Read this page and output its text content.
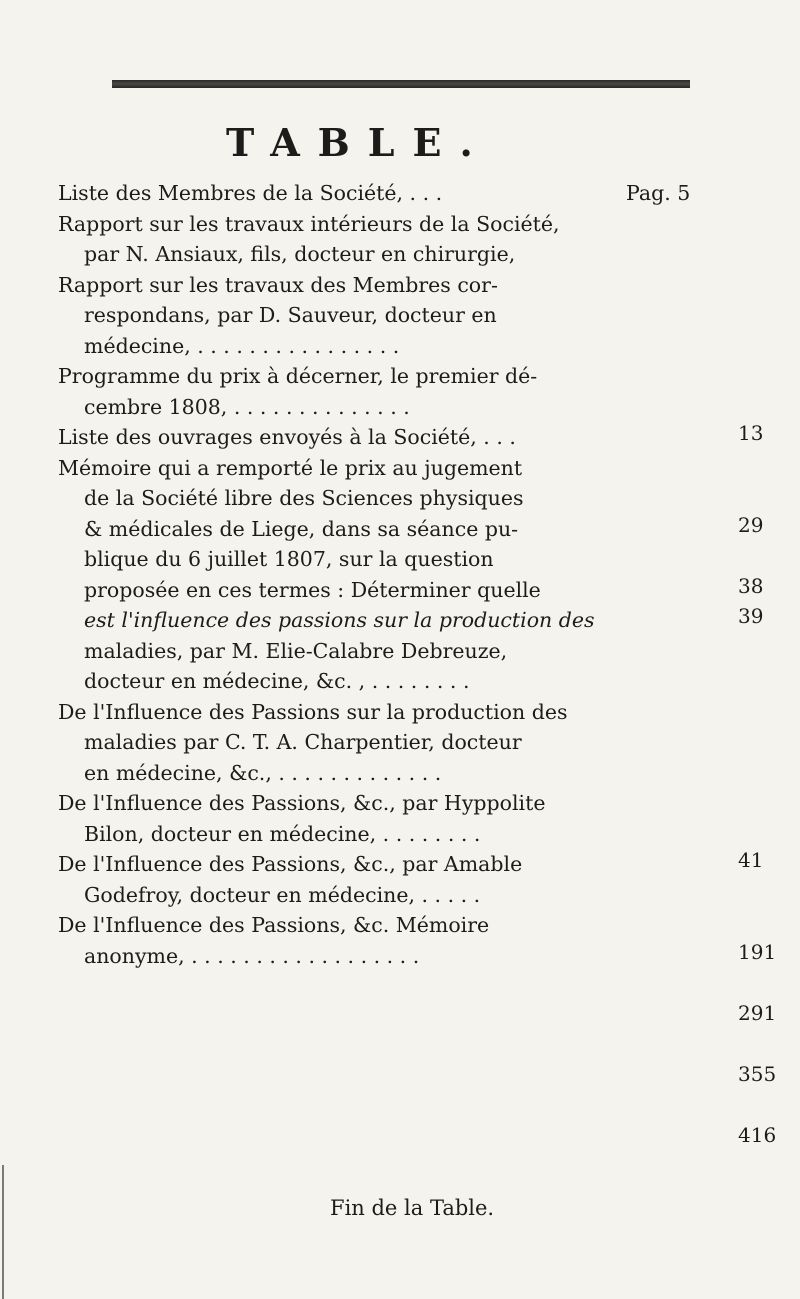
TABLE.
Pag. 5
Liste des Membres de la Société, . . .
Rapport sur les travaux intérieurs de la Société,
par N. Ansiaux, fils, docteur en chirurgie,
Rapport sur les travaux des Membres cor-
respondans, par D. Sauveur, docteur en
médecine, . . . . . . . . . . . . . . . .
Programme du prix à décerner, le premier dé-
cembre 1808, . . . . . . . . . . . . . .
Liste des ouvrages envoyés à la Société, . . .
Mémoire qui a remporté le prix au jugement
de la Société libre des Sciences physiques
& médicales de Liege, dans sa séance pu-
blique du 6 juillet 1807, sur la question
proposée en ces termes : Déterminer quelle
est l'influence des passions sur la production des
maladies, par M. Elie-Calabre Debreuze,
docteur en médecine, &c. , . . . . . . . .
De l'Influence des Passions sur la production des
maladies par C. T. A. Charpentier, docteur
en médecine, &c., . . . . . . . . . . . . .
De l'Influence des Passions, &c., par Hyppolite
Bilon, docteur en médecine, . . . . . . . .
De l'Influence des Passions, &c., par Amable
Godefroy, docteur en médecine, . . . . .
De l'Influence des Passions, &c. Mémoire
anonyme, . . . . . . . . . . . . . . . . . .
13
29
38
39
41
191
291
355
416
Fin de la Table.
